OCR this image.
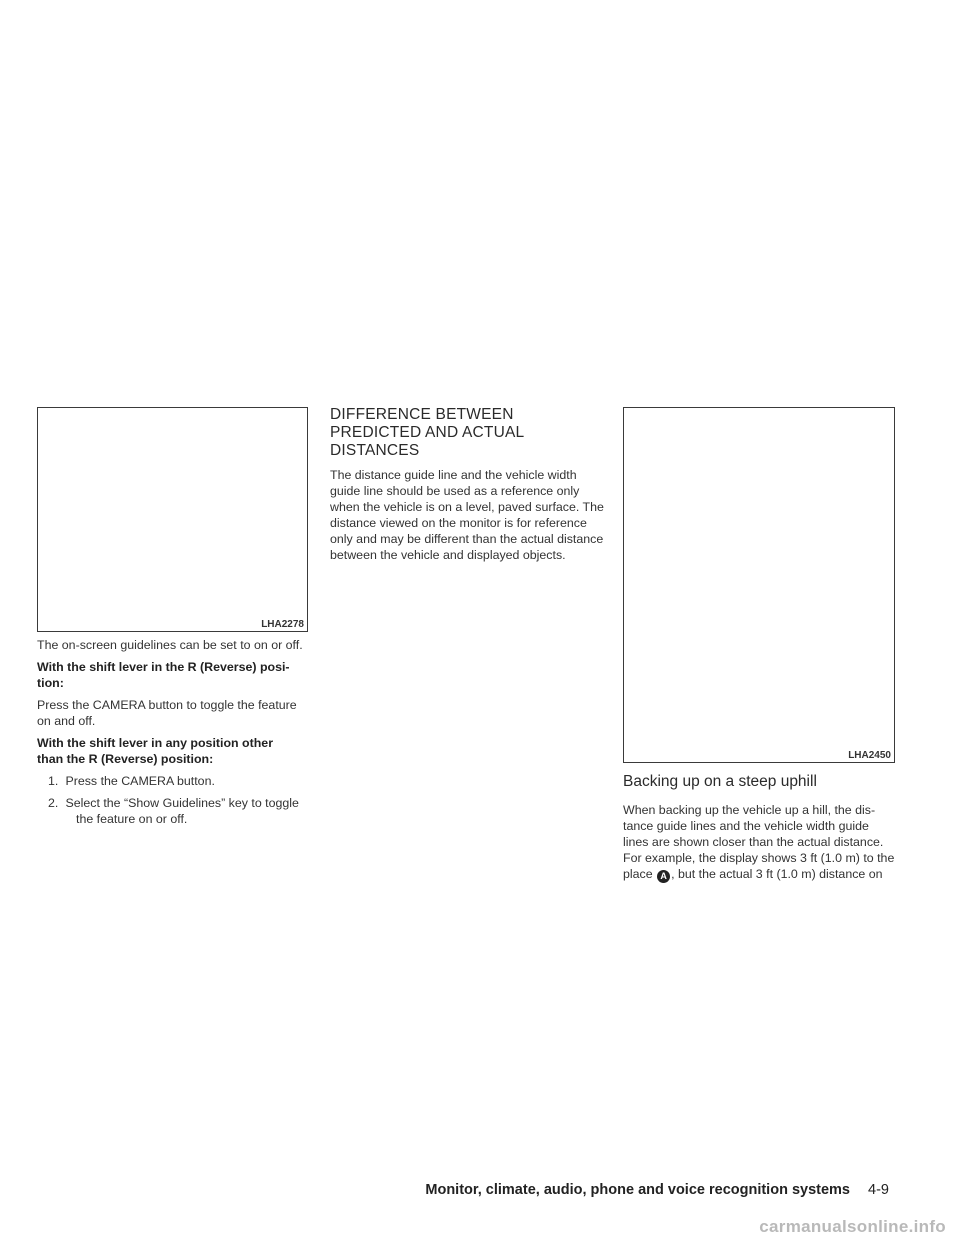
LHA2278
The on-screen guidelines can be set to on or off.
With the shift lever in the R (Reverse) posi-
tion:
Press the CAMERA button to toggle the feature
on and off.
With the shift lever in any position other
than the R (Reverse) position:
1. Press the CAMERA button.
2. Select the “Show Guidelines” key to toggle
the feature on or off.
DIFFERENCE BETWEEN
PREDICTED AND ACTUAL
DISTANCES
The distance guide line and the vehicle width
guide line should be used as a reference only
when the vehicle is on a level, paved surface. The
distance viewed on the monitor is for reference
only and may be different than the actual distance
between the vehicle and displayed objects.
LHA2450
Backing up on a steep uphill
When backing up the vehicle up a hill, the dis-
tance guide lines and the vehicle width guide
lines are shown closer than the actual distance.
For example, the display shows 3 ft (1.0 m) to the
place A , but the actual 3 ft (1.0 m) distance on
Monitor, climate, audio, phone and voice recognition systems 4-9
carmanualsonline.info
